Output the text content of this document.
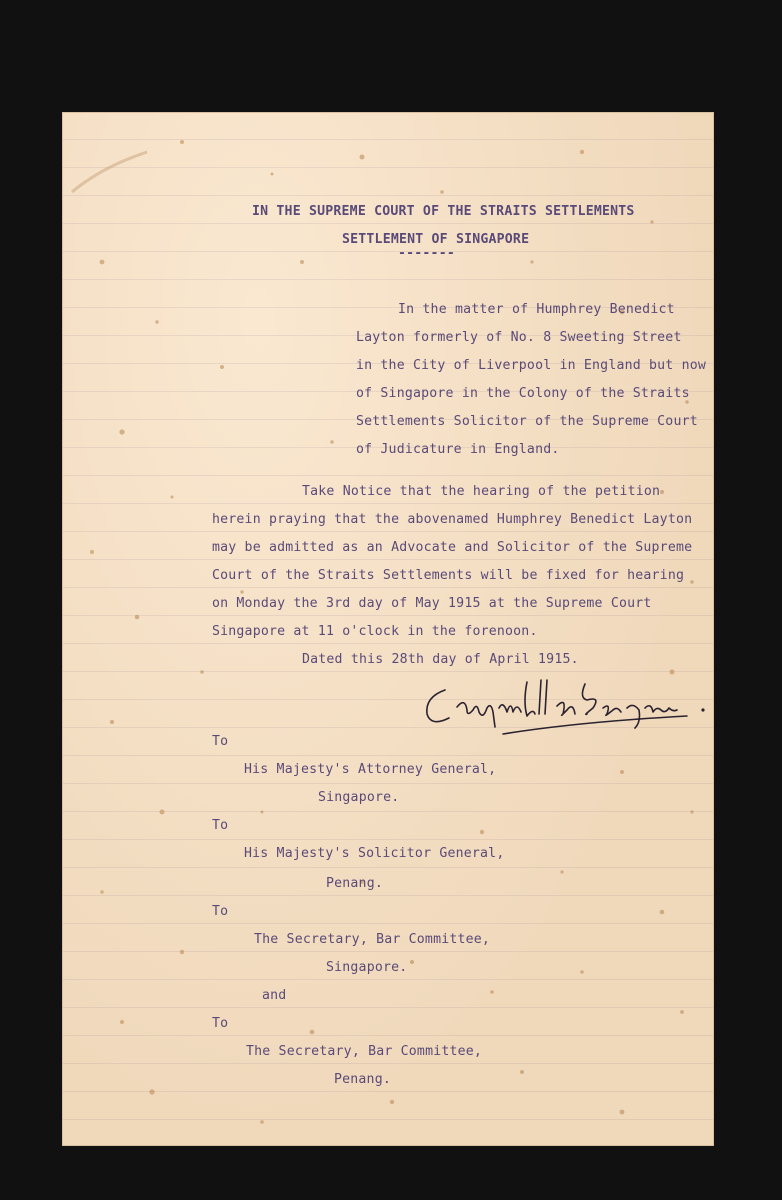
IN THE SUPREME COURT OF THE STRAITS SETTLEMENTS
SETTLEMENT OF SINGAPORE
-------
In the matter of Humphrey Benedict
Layton formerly of No. 8 Sweeting Street
in the City of Liverpool in England but now
of Singapore in the Colony of the Straits
Settlements Solicitor of the Supreme Court
of Judicature in England.
Take Notice that the hearing of the petition
herein praying that the abovenamed Humphrey Benedict Layton
may be admitted as an Advocate and Solicitor of the Supreme
Court of the Straits Settlements will be fixed for hearing
on Monday the 3rd day of May 1915 at the Supreme Court
Singapore at 11 o'clock in the forenoon.
Dated this 28th day of April 1915.
To
His Majesty's Attorney General,
Singapore.
To
His Majesty's Solicitor General,
Penang.
To
The Secretary, Bar Committee,
Singapore.
and
To
The Secretary, Bar Committee,
Penang.
